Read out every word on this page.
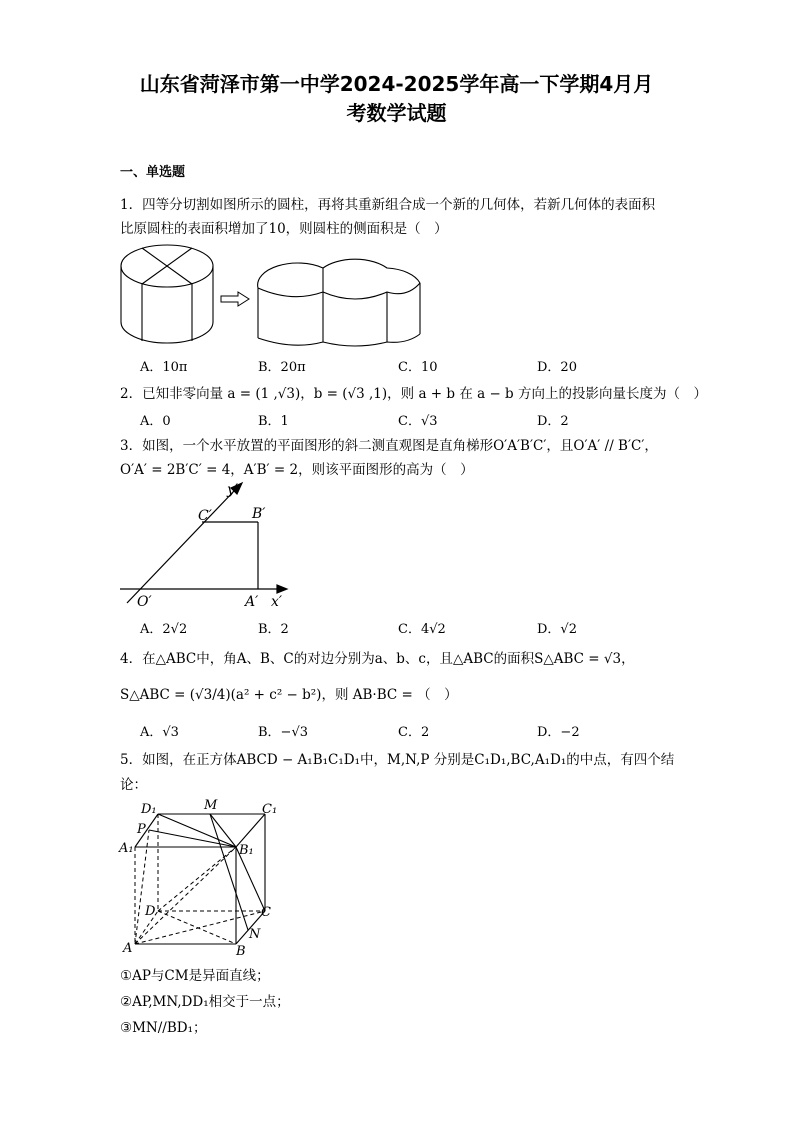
山东省菏泽市第一中学2024-2025学年高一下学期4月月
考数学试题
一、单选题
1．四等分切割如图所示的圆柱，再将其重新组合成一个新的几何体，若新几何体的表面积
比原圆柱的表面积增加了10，则圆柱的侧面积是（　）
A．10π	B．20π	C．10	D．20
2．已知非零向量 a = (1 ,√3)，b = (√3 ,1)，则 a + b 在 a − b 方向上的投影向量长度为（　）
A．0	B．1	C．√3	D．2
3．如图，一个水平放置的平面图形的斜二测直观图是直角梯形O′A′B′C′，且O′A′ // B′C′，
O′A′ = 2B′C′ = 4，A′B′ = 2，则该平面图形的高为（　）
y′
C′	B′
O′	A′ x′
A．2√2	B．2	C．4√2	D．√2
4．在△ABC中，角A、B、C的对边分别为a、b、c，且△ABC的面积S△ABC = √3，
S△ABC = (√3/4)(a² + c² − b²)，则 AB·BC = （　）
A．√3	B．−√3	C．2	D．−2
5．如图，在正方体ABCD − A₁B₁C₁D₁中，M,N,P 分别是C₁D₁,BC,A₁D₁的中点，有四个结
论：
D₁	M	C₁
P
A₁	B₁
D	C
N
A	B
①AP与CM是异面直线；
②AP,MN,DD₁相交于一点；
③MN//BD₁；
